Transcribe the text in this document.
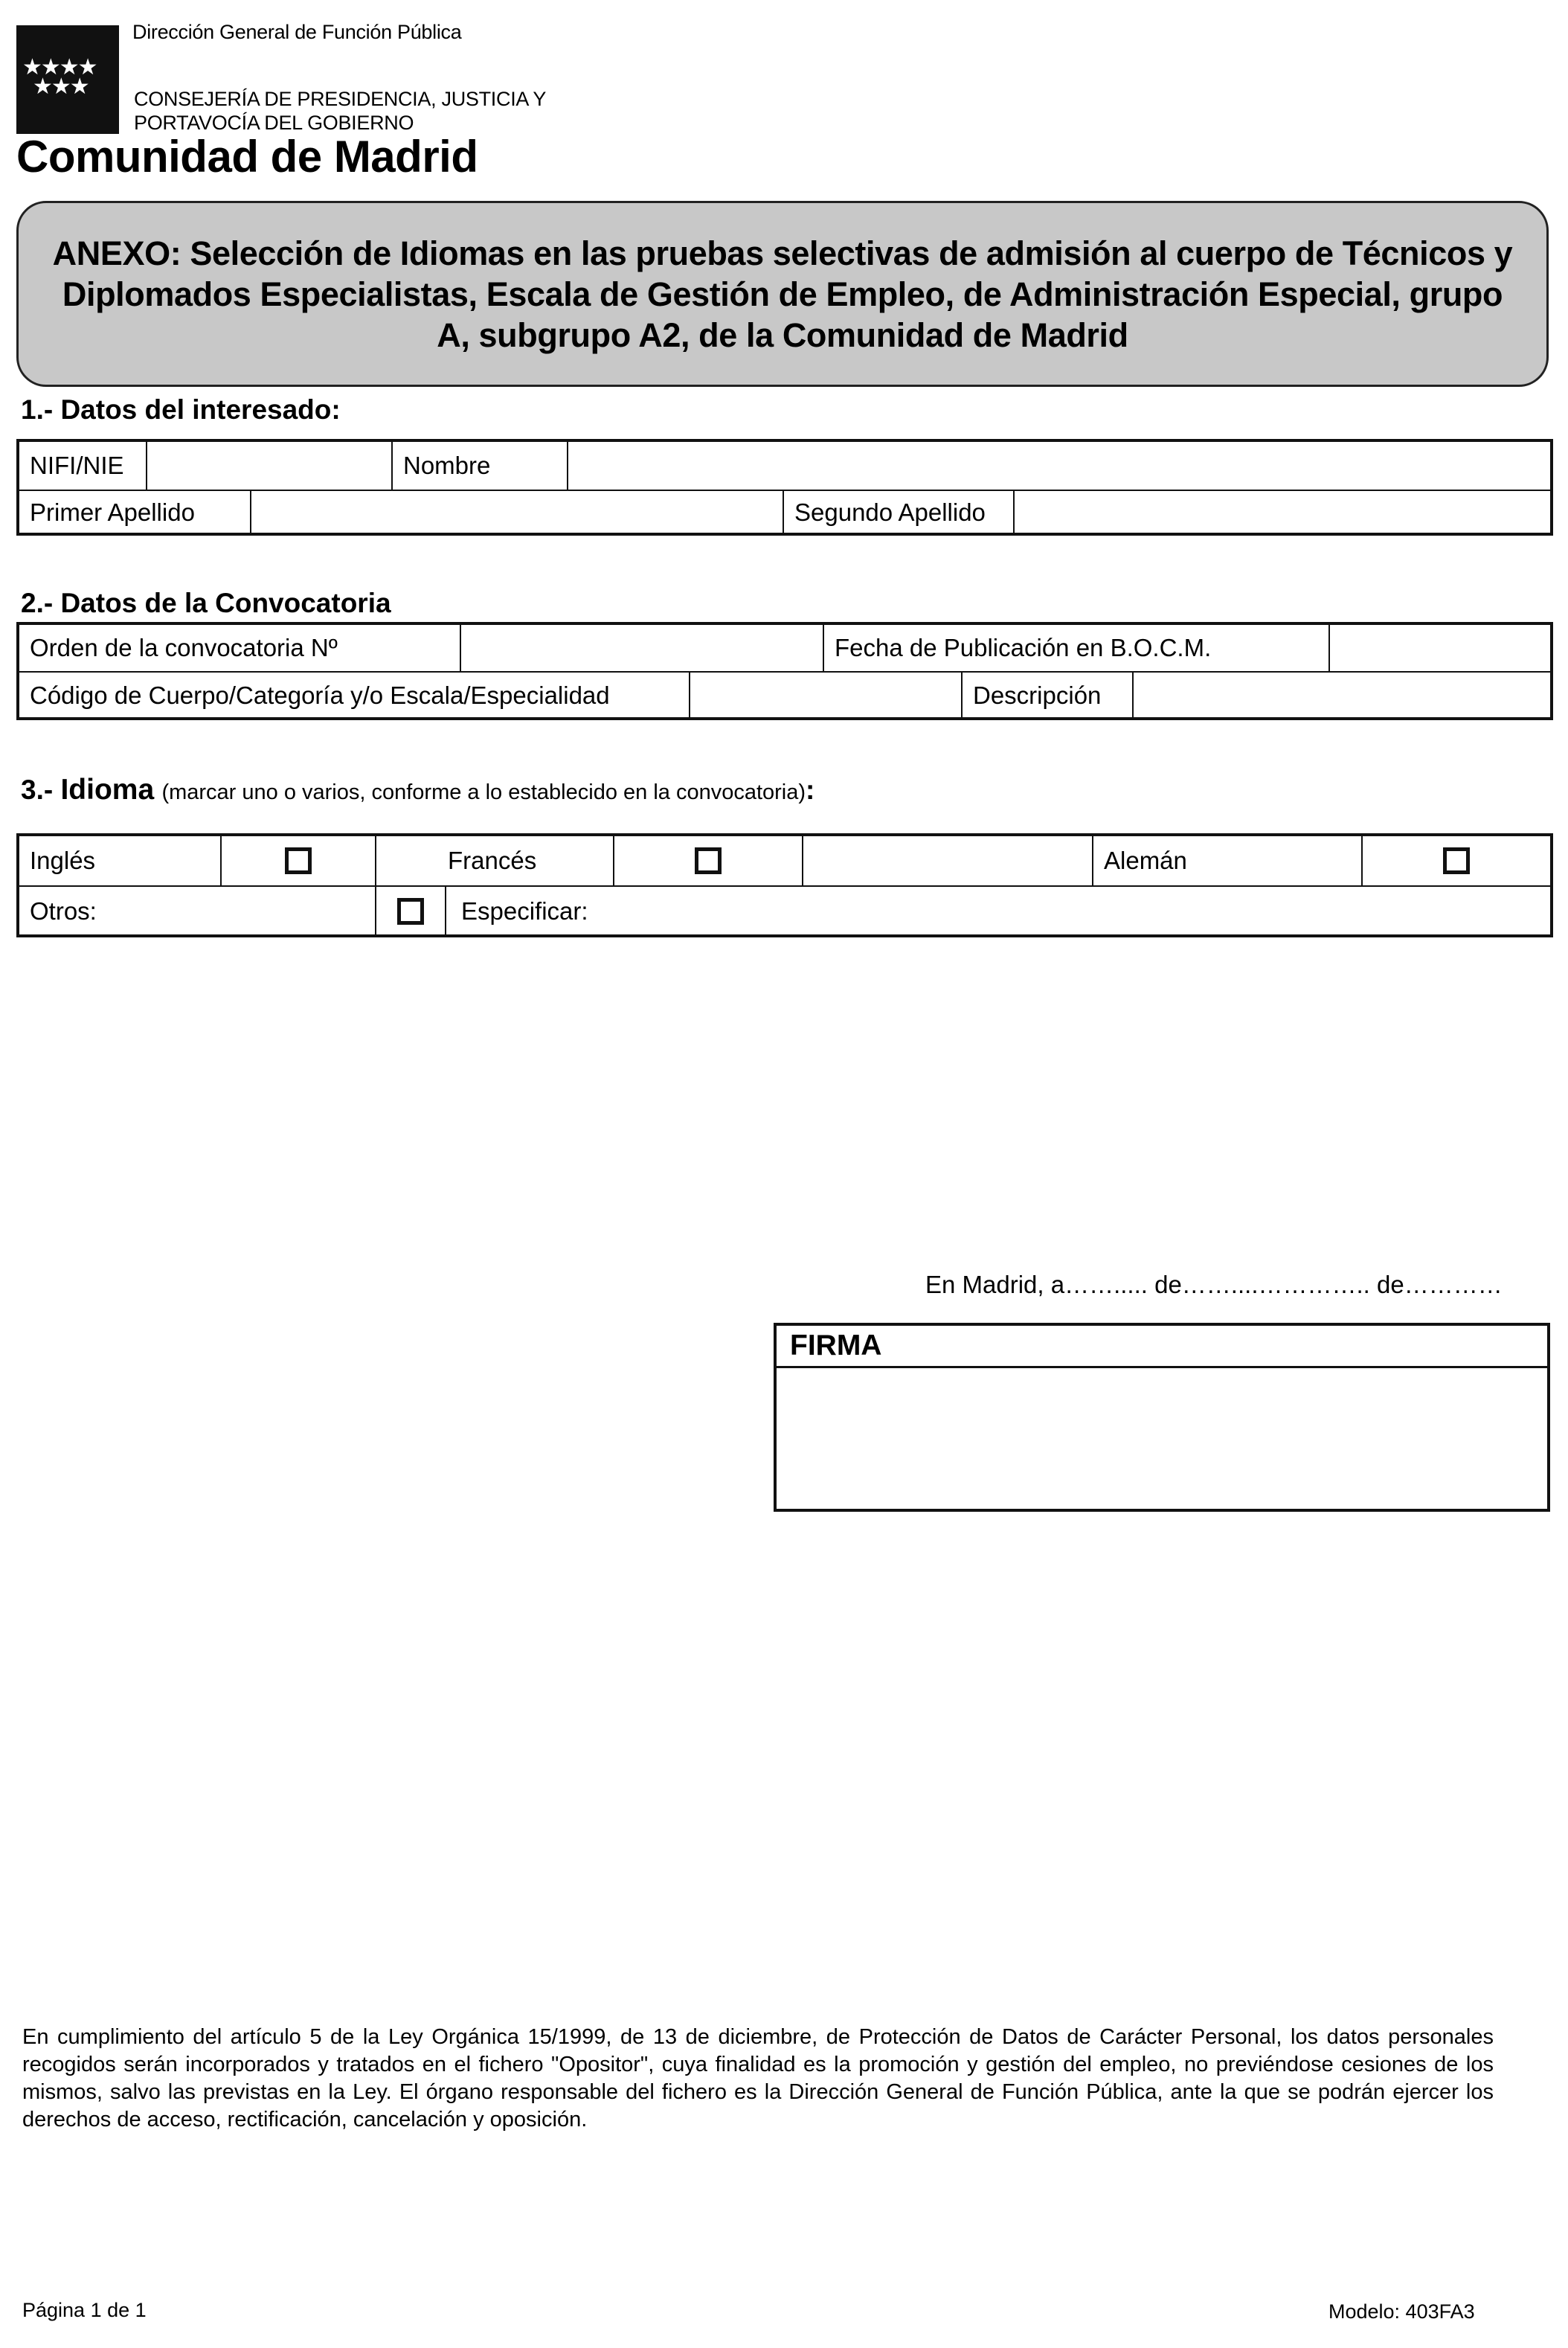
★★★★
★★★
Dirección General de Función Pública
CONSEJERÍA DE PRESIDENCIA, JUSTICIA Y
PORTAVOCÍA DEL GOBIERNO
Comunidad de Madrid
ANEXO: Selección de Idiomas en las pruebas selectivas de admisión al cuerpo de Técnicos y Diplomados Especialistas, Escala de Gestión de Empleo, de Administración Especial, grupo A, subgrupo A2, de la Comunidad de Madrid
1.- Datos del interesado:
NIFI/NIE	Nombre
Primer Apellido	Segundo Apellido
2.- Datos de la Convocatoria
Orden de la convocatoria Nº	Fecha de Publicación en B.O.C.M.
Código de Cuerpo/Categoría y/o Escala/Especialidad	Descripción
3.- Idioma (marcar uno o varios, conforme a lo establecido en la convocatoria):
Inglés	Francés	Alemán
Otros:	Especificar:
En Madrid, a……..... de……....………….. de…………
FIRMA
En cumplimiento del artículo 5 de la Ley Orgánica 15/1999, de 13 de diciembre, de Protección de Datos de Carácter Personal, los datos personales recogidos serán incorporados y tratados en el fichero "Opositor", cuya finalidad es la promoción y gestión del empleo, no previéndose cesiones de los mismos, salvo las previstas en la Ley. El órgano responsable del fichero es la Dirección General de Función Pública, ante la que se podrán ejercer los derechos de acceso, rectificación, cancelación y oposición.
Página 1 de 1	Modelo: 403FA3
